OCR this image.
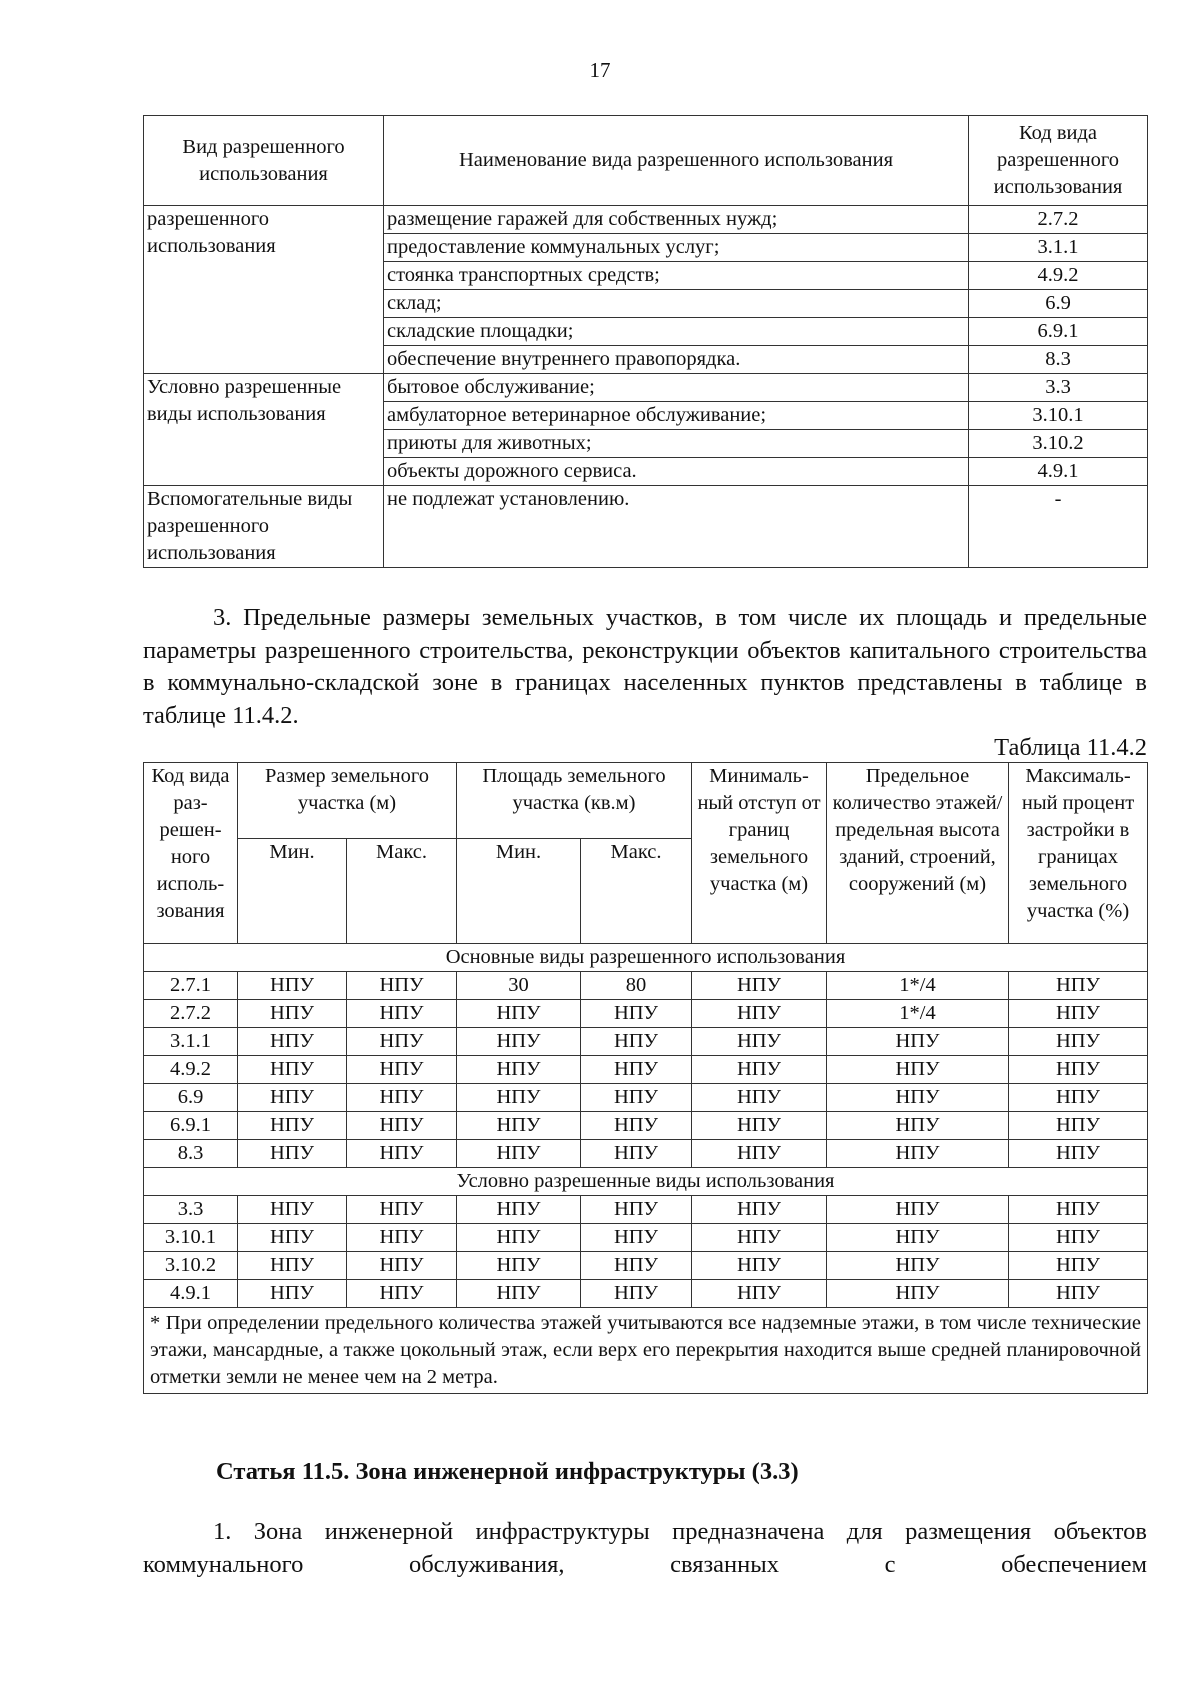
17
Вид разрешенного использования	Наименование вида разрешенного использования	Код вида разрешенного использования
разрешенного использования	размещение гаражей для собственных нужд;	2.7.2
	предоставление коммунальных услуг;	3.1.1
	стоянка транспортных средств;	4.9.2
	склад;	6.9
	складские площадки;	6.9.1
	обеспечение внутреннего правопорядка.	8.3
Условно разрешенные виды использования	бытовое обслуживание;	3.3
	амбулаторное ветеринарное обслуживание;	3.10.1
	приюты для животных;	3.10.2
	объекты дорожного сервиса.	4.9.1
Вспомогательные виды разрешенного использования	не подлежат установлению.	-

3. Предельные размеры земельных участков, в том числе их площадь и предельные параметры разрешенного строительства, реконструкции объектов капитального строительства в коммунально-складской зоне в границах населенных пунктов представлены в таблице в таблице 11.4.2.

Таблица 11.4.2
Код вида раз-решен-ного исполь-зования	Размер земельного участка (м)		Площадь земельного участка (кв.м)		Минималь-ный отступ от границ земельного участка (м)	Предельное количество этажей/ предельная высота зданий, строений, сооружений (м)	Максималь-ный процент застройки в границах земельного участка (%)
	Мин.	Макс.	Мин.	Макс.			
Основные виды разрешенного использования							
2.7.1	НПУ	НПУ	30	80	НПУ	1*/4	НПУ
2.7.2	НПУ	НПУ	НПУ	НПУ	НПУ	1*/4	НПУ
3.1.1	НПУ	НПУ	НПУ	НПУ	НПУ	НПУ	НПУ
4.9.2	НПУ	НПУ	НПУ	НПУ	НПУ	НПУ	НПУ
6.9	НПУ	НПУ	НПУ	НПУ	НПУ	НПУ	НПУ
6.9.1	НПУ	НПУ	НПУ	НПУ	НПУ	НПУ	НПУ
8.3	НПУ	НПУ	НПУ	НПУ	НПУ	НПУ	НПУ
Условно разрешенные виды использования							
3.3	НПУ	НПУ	НПУ	НПУ	НПУ	НПУ	НПУ
3.10.1	НПУ	НПУ	НПУ	НПУ	НПУ	НПУ	НПУ
3.10.2	НПУ	НПУ	НПУ	НПУ	НПУ	НПУ	НПУ
4.9.1	НПУ	НПУ	НПУ	НПУ	НПУ	НПУ	НПУ
* При определении предельного количества этажей учитываются все надземные этажи, в том числе технические этажи, мансардные, а также цокольный этаж, если верх его перекрытия находится выше средней планировочной отметки земли не менее чем на 2 метра.							
Статья 11.5. Зона инженерной инфраструктуры (3.3)

1. Зона инженерной инфраструктуры предназначена для размещения объектов коммунального обслуживания, связанных с обеспечением
